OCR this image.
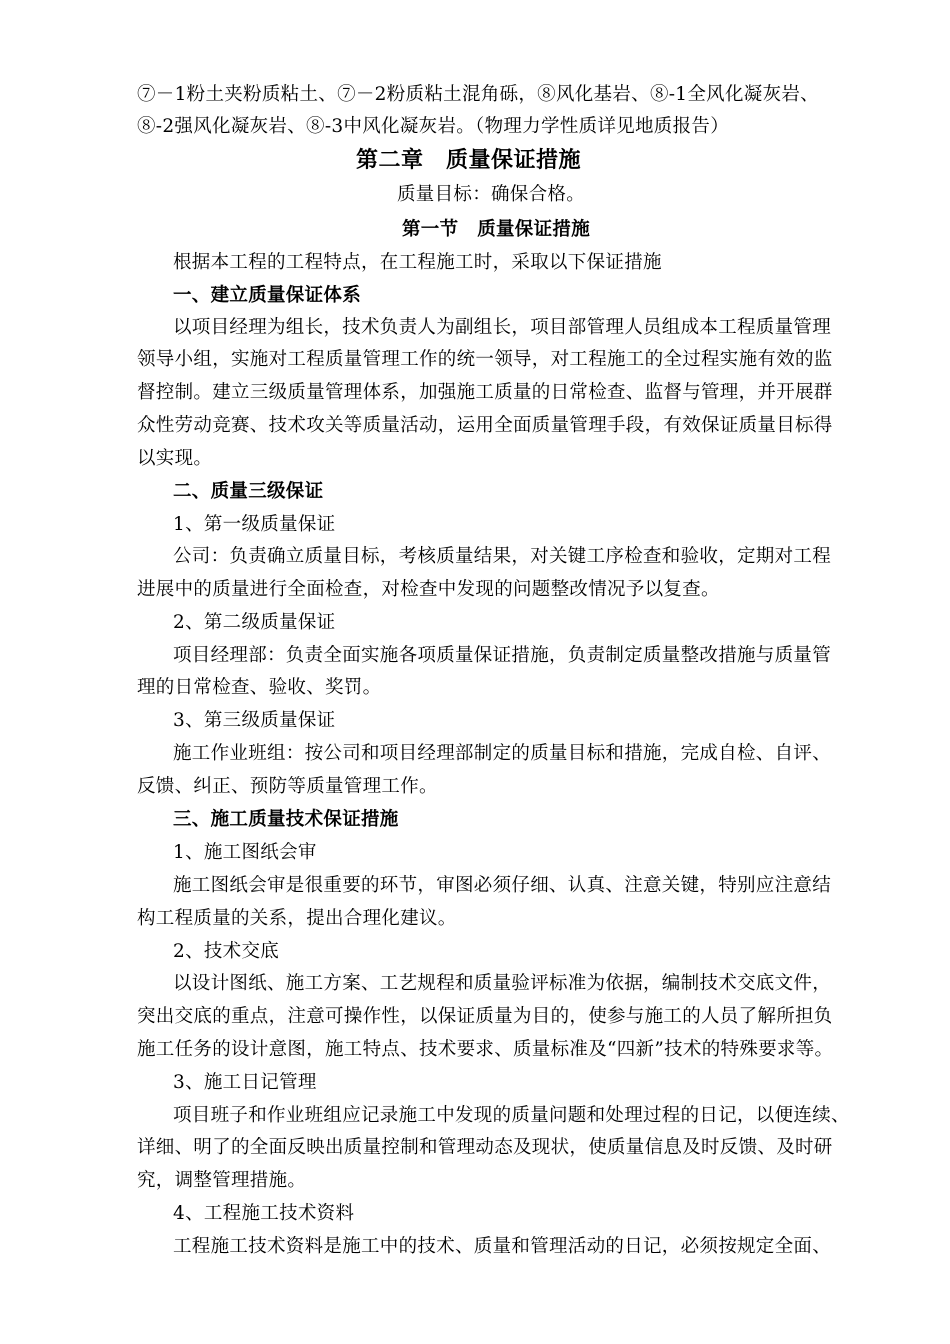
⑦－1粉土夹粉质粘土、⑦－2粉质粘土混角砾，⑧风化基岩、⑧-1全风化凝灰岩、
⑧-2强风化凝灰岩、⑧-3中风化凝灰岩。（物理力学性质详见地质报告）
第二章　质量保证措施
质量目标：确保合格。
第一节　质量保证措施
根据本工程的工程特点，在工程施工时，采取以下保证措施
一、建立质量保证体系
以项目经理为组长，技术负责人为副组长，项目部管理人员组成本工程质量管理
领导小组，实施对工程质量管理工作的统一领导，对工程施工的全过程实施有效的监
督控制。建立三级质量管理体系，加强施工质量的日常检查、监督与管理，并开展群
众性劳动竞赛、技术攻关等质量活动，运用全面质量管理手段，有效保证质量目标得
以实现。
二、质量三级保证
1、第一级质量保证
公司：负责确立质量目标，考核质量结果，对关键工序检查和验收，定期对工程
进展中的质量进行全面检查，对检查中发现的问题整改情况予以复查。
2、第二级质量保证
项目经理部：负责全面实施各项质量保证措施，负责制定质量整改措施与质量管
理的日常检查、验收、奖罚。
3、第三级质量保证
施工作业班组：按公司和项目经理部制定的质量目标和措施，完成自检、自评、
反馈、纠正、预防等质量管理工作。
三、施工质量技术保证措施
1、施工图纸会审
施工图纸会审是很重要的环节，审图必须仔细、认真、注意关键，特别应注意结
构工程质量的关系，提出合理化建议。
2、技术交底
以设计图纸、施工方案、工艺规程和质量验评标准为依据，编制技术交底文件，
突出交底的重点，注意可操作性，以保证质量为目的，使参与施工的人员了解所担负
施工任务的设计意图，施工特点、技术要求、质量标准及“四新”技术的特殊要求等。
3、施工日记管理
项目班子和作业班组应记录施工中发现的质量问题和处理过程的日记，以便连续、
详细、明了的全面反映出质量控制和管理动态及现状，使质量信息及时反馈、及时研
究，调整管理措施。
4、工程施工技术资料
工程施工技术资料是施工中的技术、质量和管理活动的日记，必须按规定全面、
